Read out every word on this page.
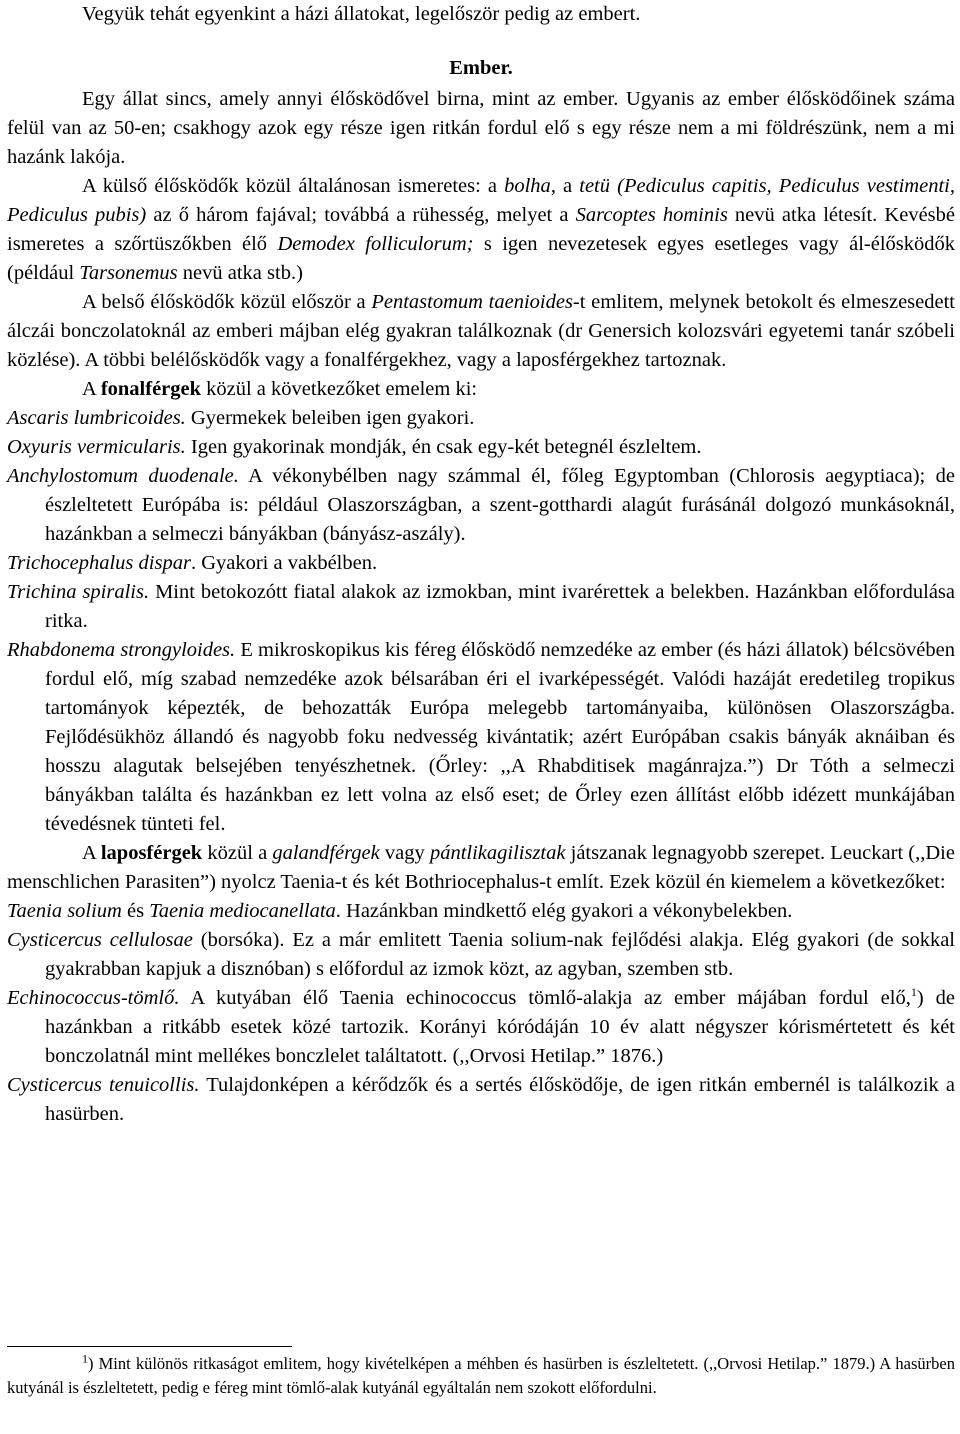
Vegyük tehát egyenkint a házi állatokat, legelőször pedig az embert.

Ember.

Egy állat sincs, amely annyi élősködővel birna, mint az ember. Ugyanis az ember élősködőinek száma felül van az 50-en; csakhogy azok egy része igen ritkán fordul elő s egy része nem a mi földrészünk, nem a mi hazánk lakója.

A külső élősködők közül általánosan ismeretes: a bolha, a tetü (Pediculus capitis, Pediculus vestimenti, Pediculus pubis) az ő három fajával; továbbá a rühesség, melyet a Sarcoptes hominis nevü atka létesít. Kevésbé ismeretes a szőrtüszőkben élő Demodex folliculorum; s igen nevezetesek egyes esetleges vagy ál-élősködők (például Tarsonemus nevü atka stb.)

A belső élősködők közül először a Pentastomum taenioides-t emlitem, melynek betokolt és elmeszesedett álczái bonczolatoknál az emberi májban elég gyakran találkoznak (dr Genersich kolozsvári egyetemi tanár szóbeli közlése). A többi belélősködők vagy a fonalférgekhez, vagy a laposférgekhez tartoznak.

A fonalférgek közül a következőket emelem ki:

Ascaris lumbricoides. Gyermekek beleiben igen gyakori.

Oxyuris vermicularis. Igen gyakorinak mondják, én csak egy-két betegnél észleltem.

Anchylostomum duodenale. A vékonybélben nagy számmal él, főleg Egyptomban (Chlorosis aegyptiaca); de észleltetett Európába is: például Olaszországban, a szent-gotthardi alagút furásánál dolgozó munkásoknál, hazánkban a selmeczi bányákban (bányász-aszály).

Trichocephalus dispar. Gyakori a vakbélben.

Trichina spiralis. Mint betokozótt fiatal alakok az izmokban, mint ivarérettek a belekben. Hazánkban előfordulása ritka.

Rhabdonema strongyloides. E mikroskopikus kis féreg élősködő nemzedéke az ember (és házi állatok) bélcsövében fordul elő, míg szabad nemzedéke azok bélsarában éri el ivarképességét. Valódi hazáját eredetileg tropikus tartományok képezték, de behozatták Európa melegebb tartományaiba, különösen Olaszországba. Fejlődésükhöz állandó és nagyobb foku nedvesség kivántatik; azért Európában csakis bányák aknáiban és hosszu alagutak belsejében tenyészhetnek. (Őrley: ,,A Rhabditisek magánrajza.”) Dr Tóth a selmeczi bányákban találta és hazánkban ez lett volna az első eset; de Őrley ezen állítást előbb idézett munkájában tévedésnek tünteti fel.

A laposférgek közül a galandférgek vagy pántlikagilisztak játszanak legnagyobb szerepet. Leuckart (,,Die menschlichen Parasiten”) nyolcz Taenia-t és két Bothriocephalus-t említ. Ezek közül én kiemelem a következőket:

Taenia solium és Taenia mediocanellata. Hazánkban mindkettő elég gyakori a vékonybelekben.

Cysticercus cellulosae (borsóka). Ez a már emlitett Taenia solium-nak fejlődési alakja. Elég gyakori (de sokkal gyakrabban kapjuk a disznóban) s előfordul az izmok közt, az agyban, szemben stb.

Echinococcus-tömlő. A kutyában élő Taenia echinococcus tömlő-alakja az ember májában fordul elő,$^1$) de hazánkban a ritkább esetek közé tartozik. Korányi kóródáján 10 év alatt négyszer kórismértetett és két bonczolatnál mint mellékes bonczlelet találtatott. (,,Orvosi Hetilap.” 1876.)

Cysticercus tenuicollis. Tulajdonképen a kérődzők és a sertés élősködője, de igen ritkán embernél is találkozik a hasürben.

$^1$) Mint különös ritkaságot emlitem, hogy kivételképen a méhben és hasürben is észleltetett. (,,Orvosi Hetilap.” 1879.) A hasürben kutyánál is észleltetett, pedig e féreg mint tömlő-alak kutyánál egyáltalán nem szokott előfordulni.
